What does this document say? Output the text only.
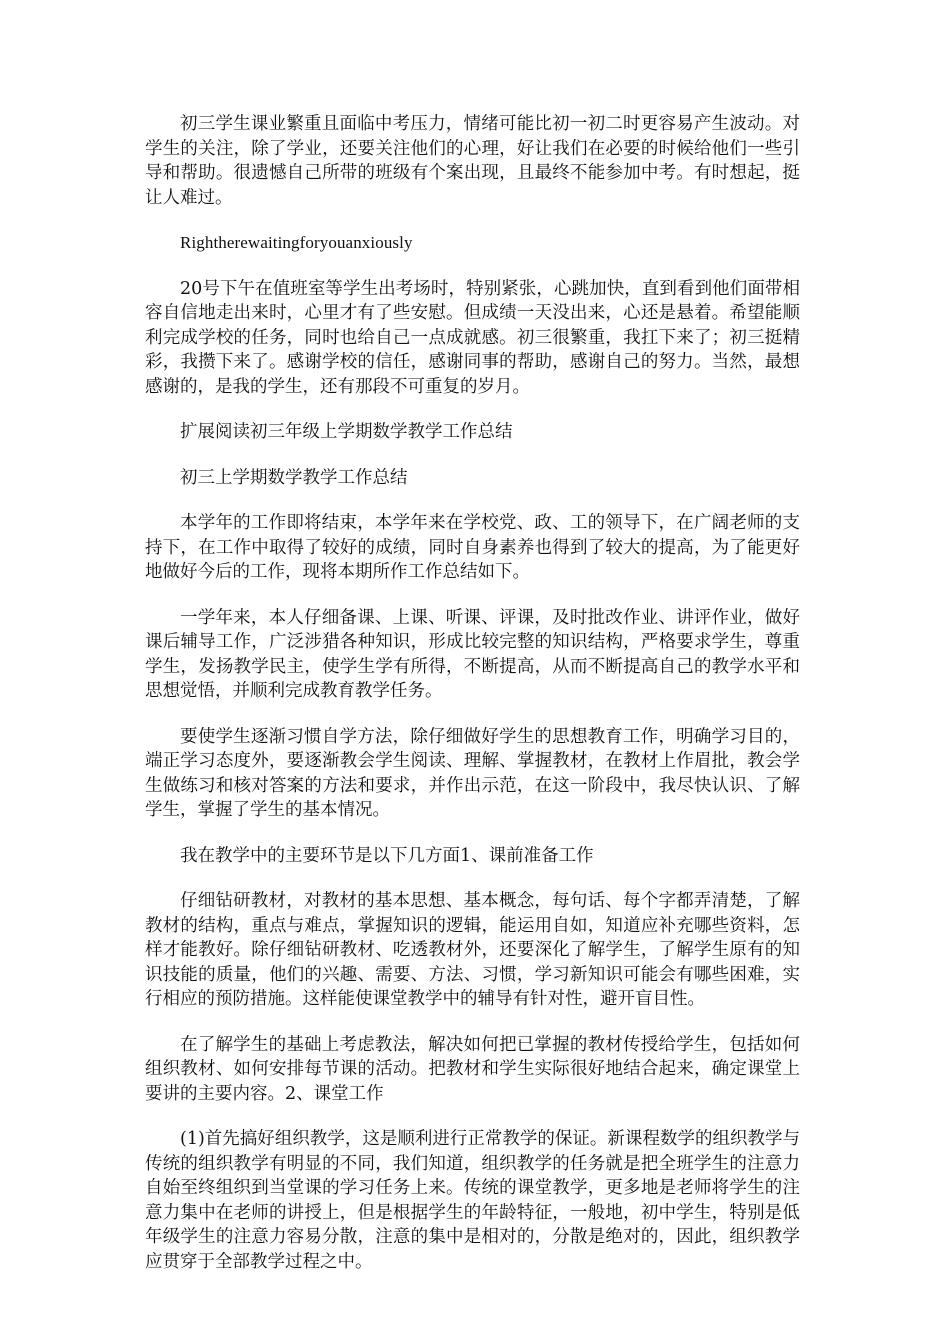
初三学生课业繁重且面临中考压力，情绪可能比初一初二时更容易产生波动。对学生的关注，除了学业，还要关注他们的心理，好让我们在必要的时候给他们一些引导和帮助。很遗憾自己所带的班级有个案出现，且最终不能参加中考。有时想起，挺让人难过。

Rightherewaitingforyouanxiously

20号下午在值班室等学生出考场时，特别紧张，心跳加快，直到看到他们面带相容自信地走出来时，心里才有了些安慰。但成绩一天没出来，心还是悬着。希望能顺利完成学校的任务，同时也给自己一点成就感。初三很繁重，我扛下来了；初三挺精彩，我攒下来了。感谢学校的信任，感谢同事的帮助，感谢自己的努力。当然，最想感谢的，是我的学生，还有那段不可重复的岁月。

扩展阅读初三年级上学期数学教学工作总结

初三上学期数学教学工作总结

本学年的工作即将结束，本学年来在学校党、政、工的领导下，在广阔老师的支持下，在工作中取得了较好的成绩，同时自身素养也得到了较大的提高，为了能更好地做好今后的工作，现将本期所作工作总结如下。

一学年来，本人仔细备课、上课、听课、评课，及时批改作业、讲评作业，做好课后辅导工作，广泛涉猎各种知识，形成比较完整的知识结构，严格要求学生，尊重学生，发扬教学民主，使学生学有所得，不断提高，从而不断提高自己的教学水平和思想觉悟，并顺利完成教育教学任务。

要使学生逐渐习惯自学方法，除仔细做好学生的思想教育工作，明确学习目的，端正学习态度外，要逐渐教会学生阅读、理解、掌握教材，在教材上作眉批，教会学生做练习和核对答案的方法和要求，并作出示范，在这一阶段中，我尽快认识、了解学生，掌握了学生的基本情况。

我在教学中的主要环节是以下几方面1、课前准备工作

仔细钻研教材，对教材的基本思想、基本概念，每句话、每个字都弄清楚，了解教材的结构，重点与难点，掌握知识的逻辑，能运用自如，知道应补充哪些资料，怎样才能教好。除仔细钻研教材、吃透教材外，还要深化了解学生，了解学生原有的知识技能的质量，他们的兴趣、需要、方法、习惯，学习新知识可能会有哪些困难，实行相应的预防措施。这样能使课堂教学中的辅导有针对性，避开盲目性。

在了解学生的基础上考虑教法，解决如何把已掌握的教材传授给学生，包括如何组织教材、如何安排每节课的活动。把教材和学生实际很好地结合起来，确定课堂上要讲的主要内容。2、课堂工作

(1)首先搞好组织教学，这是顺利进行正常教学的保证。新课程数学的组织教学与传统的组织教学有明显的不同，我们知道，组织教学的任务就是把全班学生的注意力自始至终组织到当堂课的学习任务上来。传统的课堂教学，更多地是老师将学生的注意力集中在老师的讲授上，但是根据学生的年龄特征，一般地，初中学生，特别是低年级学生的注意力容易分散，注意的集中是相对的，分散是绝对的，因此，组织教学应贯穿于全部教学过程之中。
